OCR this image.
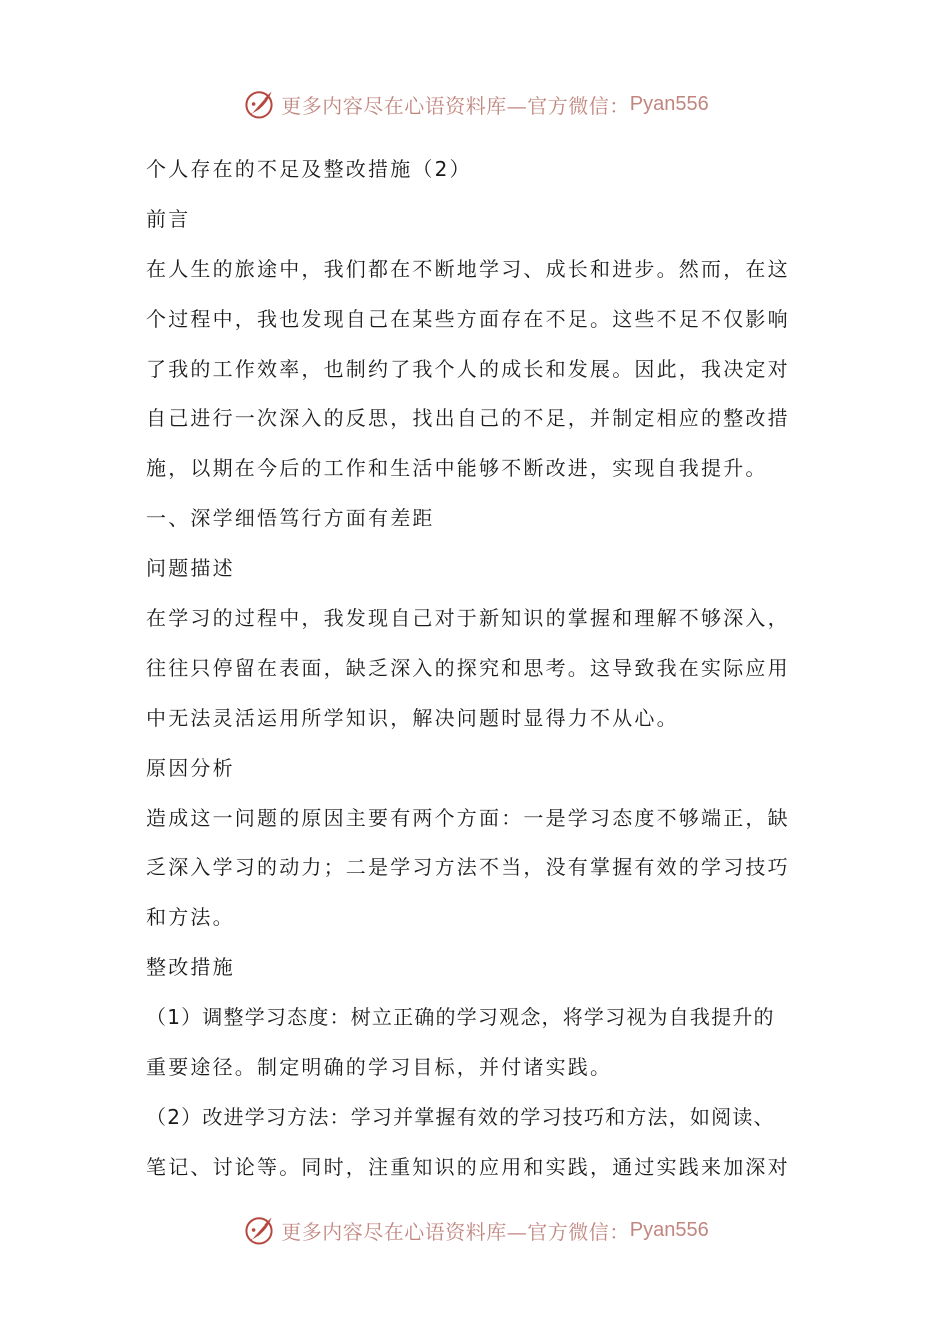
更多内容尽在心语资料库—官方微信： Pyan556
个人存在的不足及整改措施（2）
前言
在人生的旅途中，我们都在不断地学习、成长和进步。然而，在这
个过程中，我也发现自己在某些方面存在不足。这些不足不仅影响
了我的工作效率，也制约了我个人的成长和发展。因此，我决定对
自己进行一次深入的反思，找出自己的不足，并制定相应的整改措
施，以期在今后的工作和生活中能够不断改进，实现自我提升。
一、深学细悟笃行方面有差距
问题描述
在学习的过程中，我发现自己对于新知识的掌握和理解不够深入，
往往只停留在表面，缺乏深入的探究和思考。这导致我在实际应用
中无法灵活运用所学知识，解决问题时显得力不从心。
原因分析
造成这一问题的原因主要有两个方面：一是学习态度不够端正，缺
乏深入学习的动力；二是学习方法不当，没有掌握有效的学习技巧
和方法。
整改措施
（1）调整学习态度：树立正确的学习观念，将学习视为自我提升的
重要途径。制定明确的学习目标，并付诸实践。
（2）改进学习方法：学习并掌握有效的学习技巧和方法，如阅读、
笔记、讨论等。同时，注重知识的应用和实践，通过实践来加深对
更多内容尽在心语资料库—官方微信： Pyan556
